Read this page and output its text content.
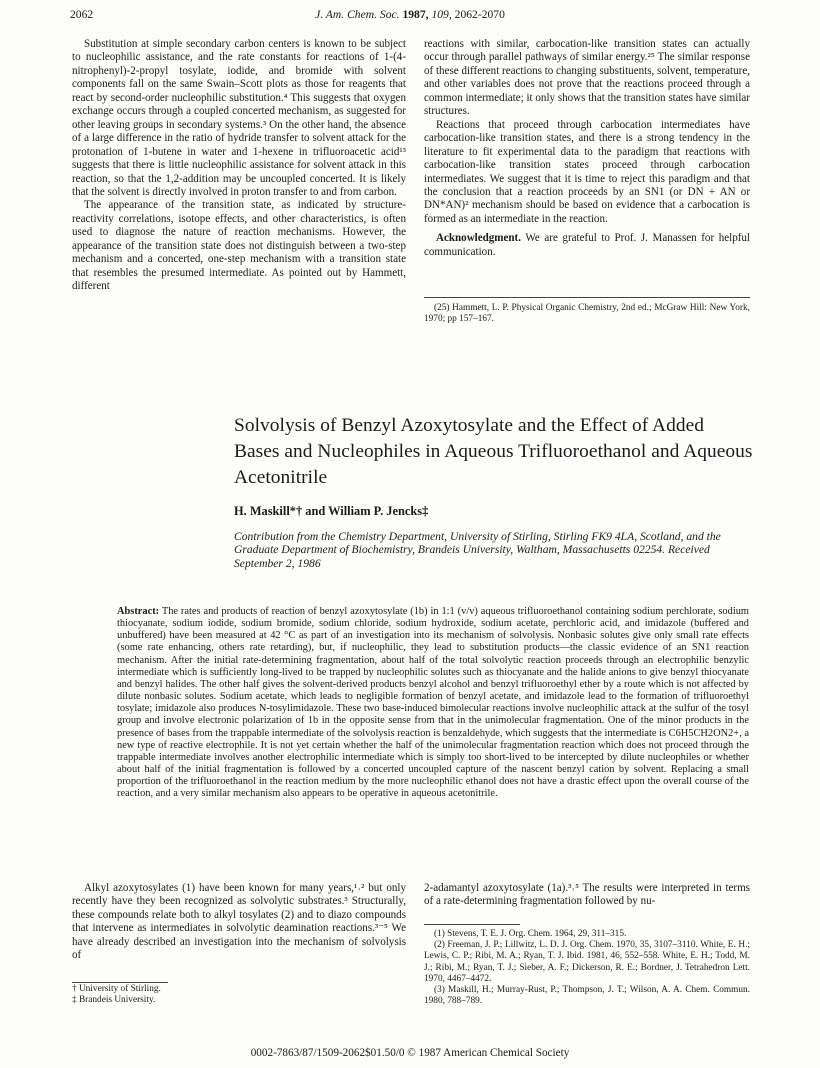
2062	J. Am. Chem. Soc. 1987, 109, 2062-2070

Substitution at simple secondary carbon centers is known to be subject to nucleophilic assistance, and the rate constants for reactions of 1-(4-nitrophenyl)-2-propyl tosylate, iodide, and bromide with solvent components fall on the same Swain–Scott plots as those for reagents that react by second-order nucleophilic substitution.⁴ This suggests that oxygen exchange occurs through a coupled concerted mechanism, as suggested for other leaving groups in secondary systems.³ On the other hand, the absence of a large difference in the ratio of hydride transfer to solvent attack for the protonation of 1-butene in water and 1-hexene in trifluoroacetic acid¹³ suggests that there is little nucleophilic assistance for solvent attack in this reaction, so that the 1,2-addition may be uncoupled concerted. It is likely that the solvent is directly involved in proton transfer to and from carbon.

The appearance of the transition state, as indicated by structure-reactivity correlations, isotope effects, and other characteristics, is often used to diagnose the nature of reaction mechanisms. However, the appearance of the transition state does not distinguish between a two-step mechanism and a concerted, one-step mechanism with a transition state that resembles the presumed intermediate. As pointed out by Hammett, different

reactions with similar, carbocation-like transition states can actually occur through parallel pathways of similar energy.²⁵ The similar response of these different reactions to changing substituents, solvent, temperature, and other variables does not prove that the reactions proceed through a common intermediate; it only shows that the transition states have similar structures.

Reactions that proceed through carbocation intermediates have carbocation-like transition states, and there is a strong tendency in the literature to fit experimental data to the paradigm that reactions with carbocation-like transition states proceed through carbocation intermediates. We suggest that it is time to reject this paradigm and that the conclusion that a reaction proceeds by an SN1 (or DN + AN or DN*AN)² mechanism should be based on evidence that a carbocation is formed as an intermediate in the reaction.

Acknowledgment. We are grateful to Prof. J. Manassen for helpful communication.

(25) Hammett, L. P. Physical Organic Chemistry, 2nd ed.; McGraw Hill: New York, 1970; pp 157–167.

Solvolysis of Benzyl Azoxytosylate and the Effect of Added Bases and Nucleophiles in Aqueous Trifluoroethanol and Aqueous Acetonitrile
H. Maskill*† and William P. Jencks‡
Contribution from the Chemistry Department, University of Stirling, Stirling FK9 4LA, Scotland, and the Graduate Department of Biochemistry, Brandeis University, Waltham, Massachusetts 02254. Received September 2, 1986
Abstract: The rates and products of reaction of benzyl azoxytosylate (1b) in 1:1 (v/v) aqueous trifluoroethanol containing sodium perchlorate, sodium thiocyanate, sodium iodide, sodium bromide, sodium chloride, sodium hydroxide, sodium acetate, perchloric acid, and imidazole (buffered and unbuffered) have been measured at 42 °C as part of an investigation into its mechanism of solvolysis. Nonbasic solutes give only small rate effects (some rate enhancing, others rate retarding), but, if nucleophilic, they lead to substitution products—the classic evidence of an SN1 reaction mechanism. After the initial rate-determining fragmentation, about half of the total solvolytic reaction proceeds through an electrophilic benzylic intermediate which is sufficiently long-lived to be trapped by nucleophilic solutes such as thiocyanate and the halide anions to give benzyl thiocyanate and benzyl halides. The other half gives the solvent-derived products benzyl alcohol and benzyl trifluoroethyl ether by a route which is not affected by dilute nonbasic solutes. Sodium acetate, which leads to negligible formation of benzyl acetate, and imidazole lead to the formation of trifluoroethyl tosylate; imidazole also produces N-tosylimidazole. These two base-induced bimolecular reactions involve nucleophilic attack at the sulfur of the tosyl group and involve electronic polarization of 1b in the opposite sense from that in the unimolecular fragmentation. One of the minor products in the presence of bases from the trappable intermediate of the solvolysis reaction is benzaldehyde, which suggests that the intermediate is C6H5CH2ON2+, a new type of reactive electrophile. It is not yet certain whether the half of the unimolecular fragmentation reaction which does not proceed through the trappable intermediate involves another electrophilic intermediate which is simply too short-lived to be intercepted by dilute nucleophiles or whether about half of the initial fragmentation is followed by a concerted uncoupled capture of the nascent benzyl cation by solvent. Replacing a small proportion of the trifluoroethanol in the reaction medium by the more nucleophilic ethanol does not have a drastic effect upon the overall course of the reaction, and a very similar mechanism also appears to be operative in aqueous acetonitrile.

Alkyl azoxytosylates (1) have been known for many years,¹˒² but only recently have they been recognized as solvolytic substrates.³ Structurally, these compounds relate both to alkyl tosylates (2) and to diazo compounds that intervene as intermediates in solvolytic deamination reactions.³⁻⁵ We have already described an investigation into the mechanism of solvolysis of

† University of Stirling.
‡ Brandeis University.

2-adamantyl azoxytosylate (1a).³˒⁵ The results were interpreted in terms of a rate-determining fragmentation followed by nu-

(1) Stevens, T. E. J. Org. Chem. 1964, 29, 311–315.

(2) Freeman, J. P.; Lillwitz, L. D. J. Org. Chem. 1970, 35, 3107–3110. White, E. H.; Lewis, C. P.; Ribi, M. A.; Ryan, T. J. Ibid. 1981, 46, 552–558. White, E. H.; Todd, M. J.; Ribi, M.; Ryan, T. J.; Sieber, A. F.; Dickerson, R. E.; Bordner, J. Tetrahedron Lett. 1970, 4467–4472.

(3) Maskill, H.; Murray-Rust, P.; Thompson, J. T.; Wilson, A. A. Chem. Commun. 1980, 788–789.

0002-7863/87/1509-2062$01.50/0 © 1987 American Chemical Society
